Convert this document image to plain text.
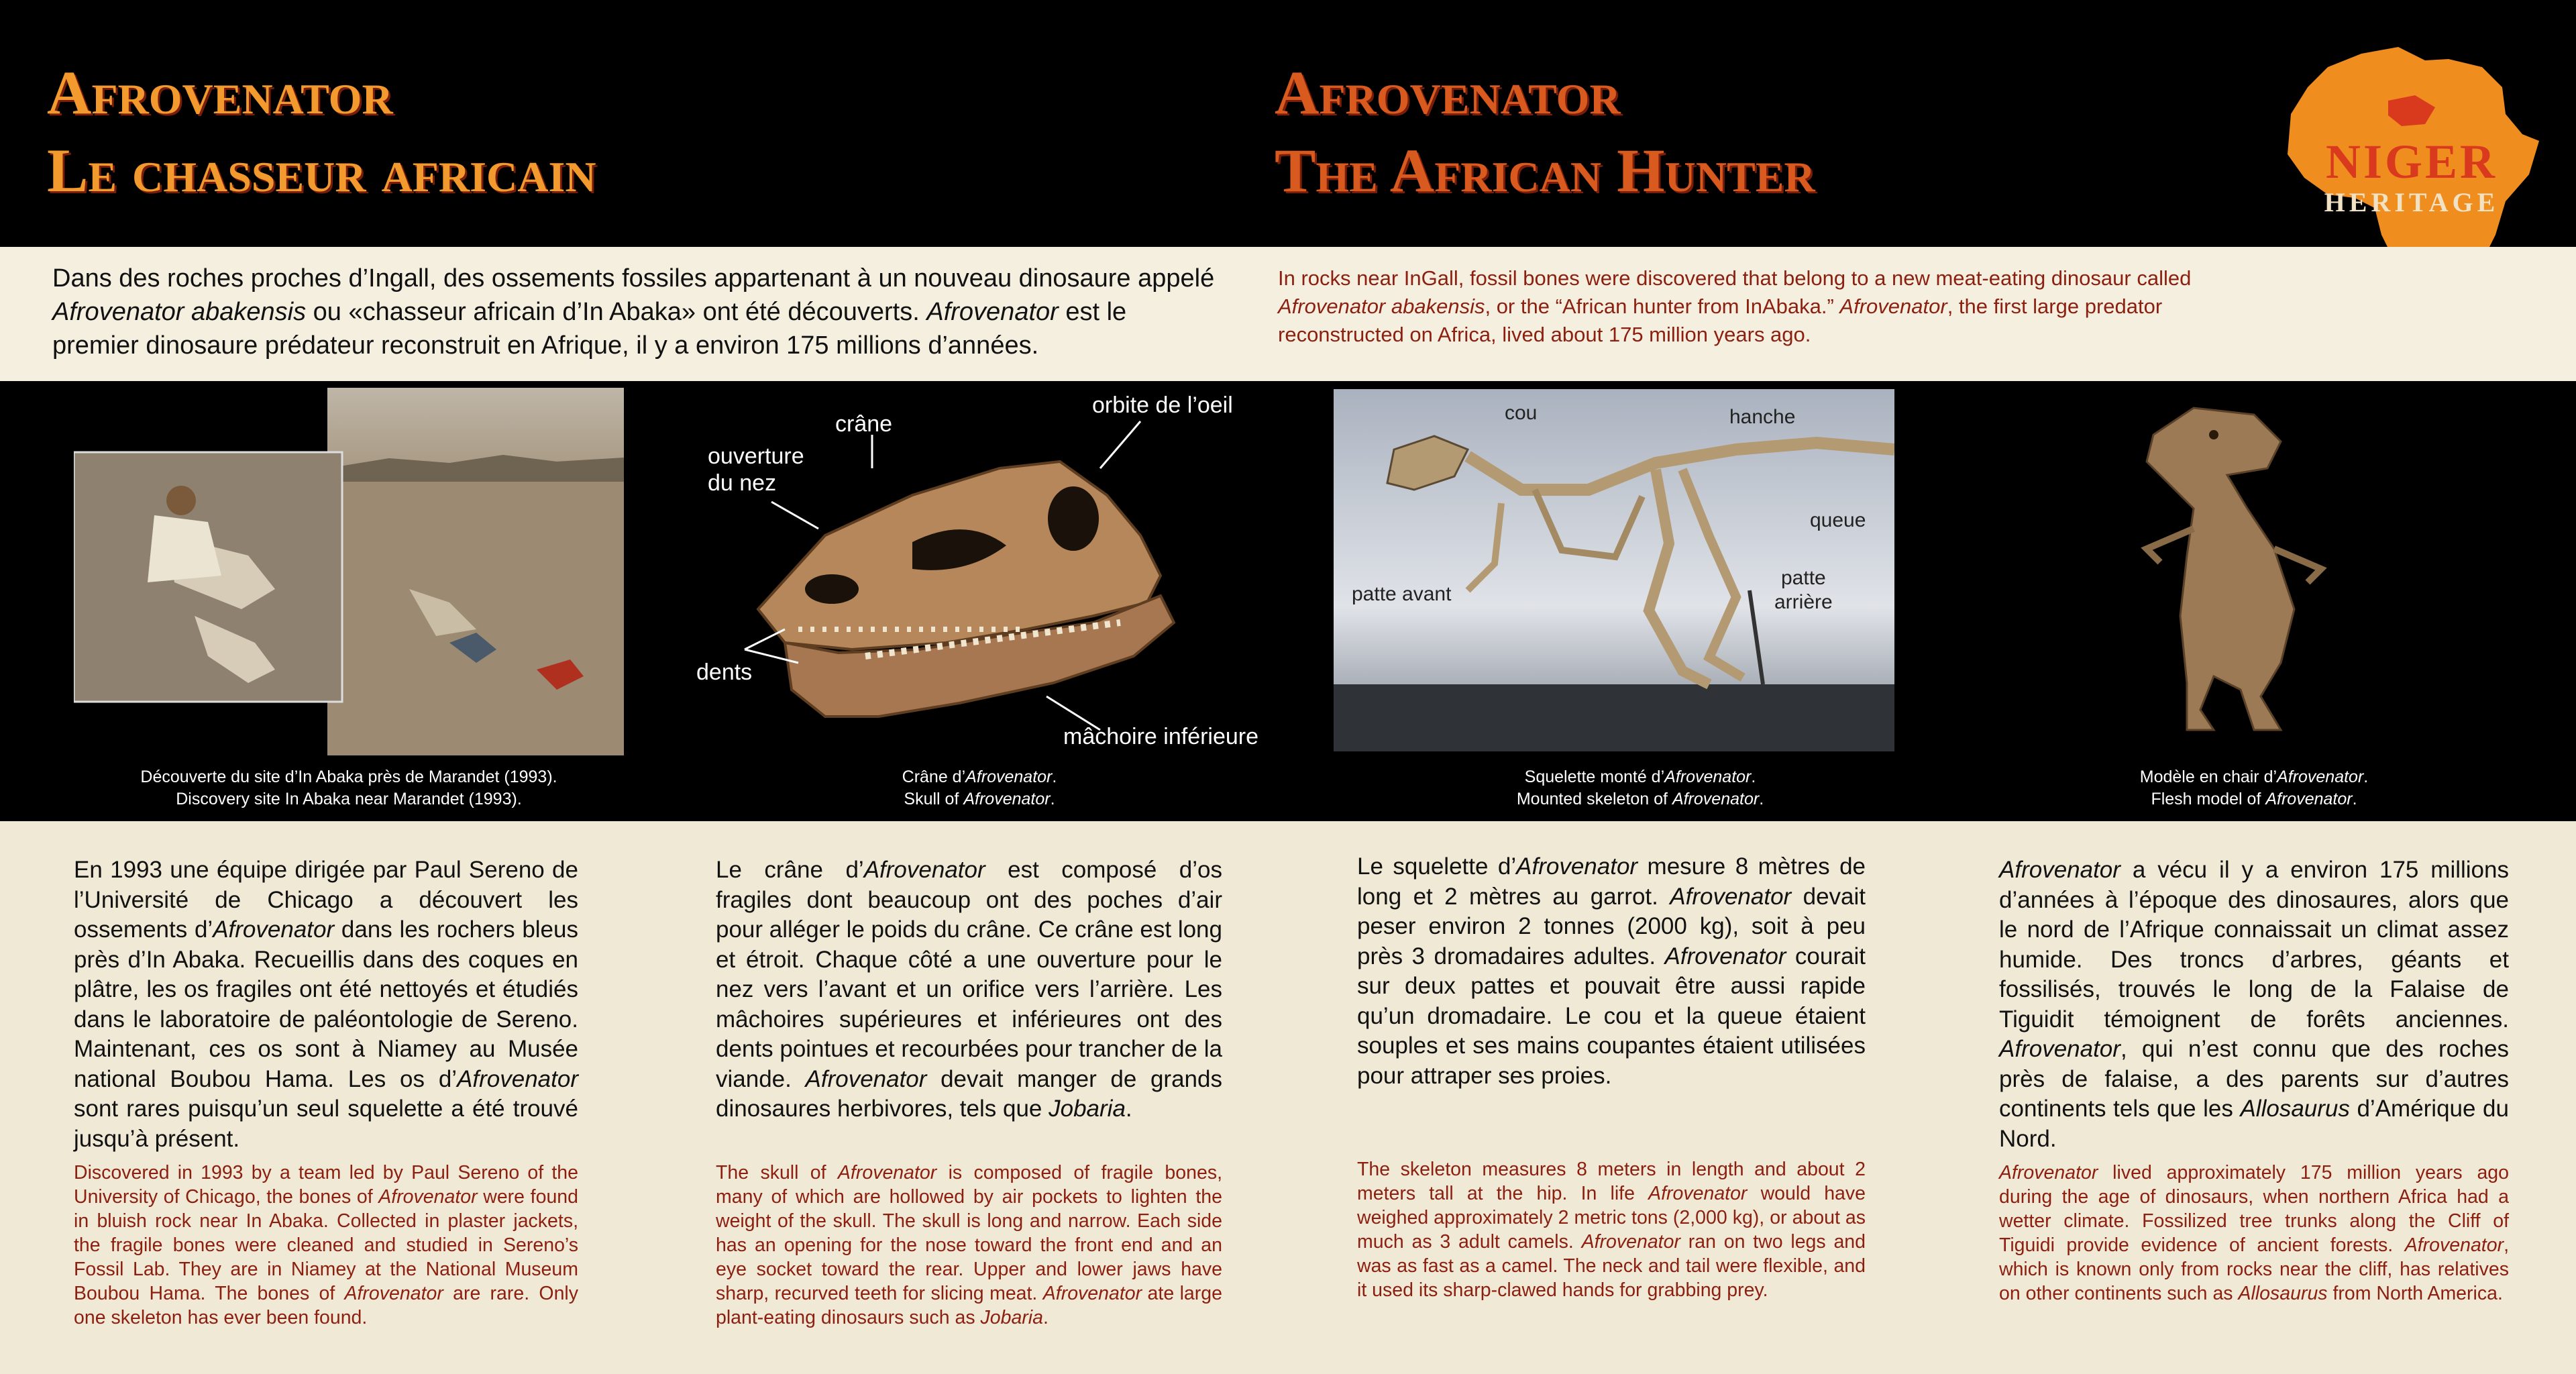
Afrovenator
Le chasseur africain
Afrovenator
The African Hunter	NIGER
HERITAGE

Dans des roches proches d’Ingall, des ossements fossiles appartenant à un nouveau dinosaure appelé Afrovenator abakensis ou «chasseur africain d’In Abaka» ont été découverts. Afrovenator est le premier dinosaure prédateur reconstruit en Afrique, il y a environ 175 millions d’années.

In rocks near InGall, fossil bones were discovered that belong to a new meat-eating dinosaur called Afrovenator abakensis, or the “African hunter from InAbaka.” Afrovenator, the first large predator reconstructed on Africa, lived about 175 million years ago.

Découverte du site d’In Abaka près de Marandet (1993).
Discovery site In Abaka near Marandet (1993).
crâne
orbite de l’oeil
ouverture
du nez
dents
mâchoire inférieure
Crâne d’Afrovenator.
Skull of Afrovenator.
cou	hanche
queue
patte avant
patte
arrière
Squelette monté d’Afrovenator.
Mounted skeleton of Afrovenator.
Modèle en chair d’Afrovenator.
Flesh model of Afrovenator.

En 1993 une équipe dirigée par Paul Sereno de l’Université de Chicago a découvert les ossements d’Afrovenator dans les rochers bleus près d’In Abaka. Recueillis dans des coques en plâtre, les os fragiles ont été nettoyés et étudiés dans le laboratoire de paléontologie de Sereno. Maintenant, ces os sont à Niamey au Musée national Boubou Hama. Les os d’Afrovenator sont rares puisqu’un seul squelette a été trouvé jusqu’à présent.

Discovered in 1993 by a team led by Paul Sereno of the University of Chicago, the bones of Afrovenator were found in bluish rock near In Abaka. Collected in plaster jackets, the fragile bones were cleaned and studied in Sereno’s Fossil Lab. They are in Niamey at the National Museum Boubou Hama. The bones of Afrovenator are rare. Only one skeleton has ever been found.

Le crâne d’Afrovenator est composé d’os fragiles dont beaucoup ont des poches d’air pour alléger le poids du crâne. Ce crâne est long et étroit. Chaque côté a une ouverture pour le nez vers l’avant et un orifice vers l’arrière. Les mâchoires supérieures et inférieures ont des dents pointues et recourbées pour trancher de la viande. Afrovenator devait manger de grands dinosaures herbivores, tels que Jobaria.

The skull of Afrovenator is composed of fragile bones, many of which are hollowed by air pockets to lighten the weight of the skull. The skull is long and narrow. Each side has an opening for the nose toward the front end and an eye socket toward the rear. Upper and lower jaws have sharp, recurved teeth for slicing meat. Afrovenator ate large plant-eating dinosaurs such as Jobaria.

Le squelette d’Afrovenator mesure 8 mètres de long et 2 mètres au garrot. Afrovenator devait peser environ 2 tonnes (2000 kg), soit à peu près 3 dromadaires adultes. Afrovenator courait sur deux pattes et pouvait être aussi rapide qu’un dromadaire. Le cou et la queue étaient souples et ses mains coupantes étaient utilisées pour attraper ses proies.

The skeleton measures 8 meters in length and about 2 meters tall at the hip. In life Afrovenator would have weighed approximately 2 metric tons (2,000 kg), or about as much as 3 adult camels. Afrovenator ran on two legs and was as fast as a camel. The neck and tail were flexible, and it used its sharp-clawed hands for grabbing prey.

Afrovenator a vécu il y a environ 175 millions d’années à l’époque des dinosaures, alors que le nord de l’Afrique connaissait un climat assez humide. Des troncs d’arbres, géants et fossilisés, trouvés le long de la Falaise de Tiguidit témoignent de forêts anciennes. Afrovenator, qui n’est connu que des roches près de falaise, a des parents sur d’autres continents tels que les Allosaurus d’Amérique du Nord.

Afrovenator lived approximately 175 million years ago during the age of dinosaurs, when northern Africa had a wetter climate. Fossilized tree trunks along the Cliff of Tiguidi provide evidence of ancient forests. Afrovenator, which is known only from rocks near the cliff, has relatives on other continents such as Allosaurus from North America.
